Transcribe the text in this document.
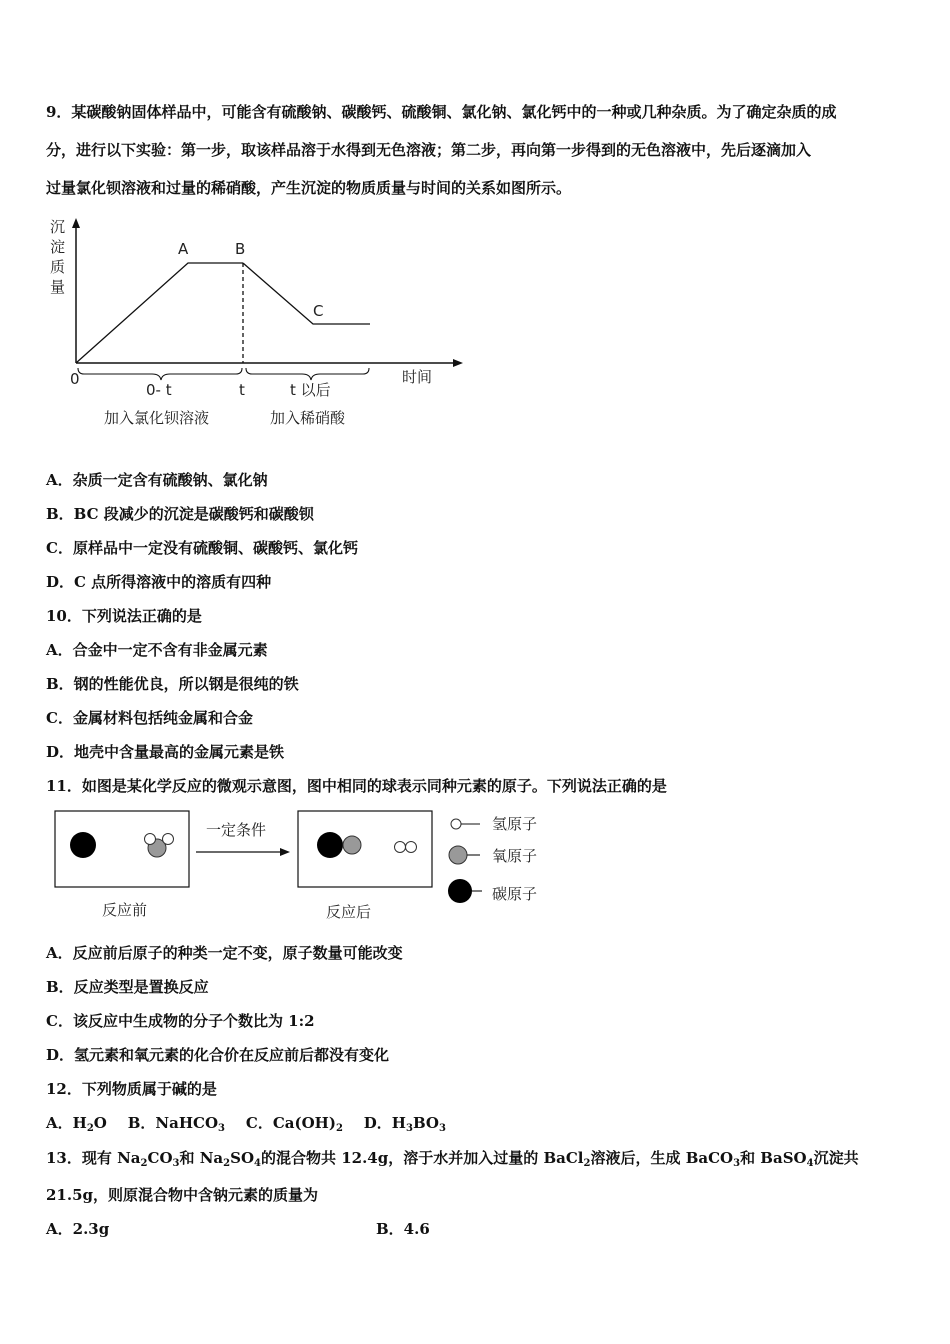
9．某碳酸钠固体样品中，可能含有硫酸钠、碳酸钙、硫酸铜、氯化钠、氯化钙中的一种或几种杂质。为了确定杂质的成
分，进行以下实验：第一步，取该样品溶于水得到无色溶液；第二步，再向第一步得到的无色溶液中，先后逐滴加入
过量氯化钡溶液和过量的稀硝酸，产生沉淀的物质质量与时间的关系如图所示。
沉
淀
质
量
A	B
C
0	时间
0- t	t	t 以后
加入氯化钡溶液	加入稀硝酸
A．杂质一定含有硫酸钠、氯化钠
B．BC 段减少的沉淀是碳酸钙和碳酸钡
C．原样品中一定没有硫酸铜、碳酸钙、氯化钙
D．C 点所得溶液中的溶质有四种
10．下列说法正确的是
A．合金中一定不含有非金属元素
B．钢的性能优良，所以钢是很纯的铁
C．金属材料包括纯金属和合金
D．地壳中含量最高的金属元素是铁
11．如图是某化学反应的微观示意图，图中相同的球表示同种元素的原子。下列说法正确的是
反应前
一定条件
反应后
氢原子
氧原子
碳原子
A．反应前后原子的种类一定不变，原子数量可能改变
B．反应类型是置换反应
C．该反应中生成物的分子个数比为 1:2
D．氢元素和氧元素的化合价在反应前后都没有变化
12．下列物质属于碱的是
A．$H_2O$ B．NaHCO$_3$ C．$Ca(OH)_2$ D．$H_3BO_3$
13．现有 $Na_2CO_3$和 $Na_2SO_4$的混合物共 12.4g，溶于水并加入过量的 BaCl$_2$溶液后，生成 BaCO$_3$和 BaSO$_4$沉淀共
21.5g，则原混合物中含钠元素的质量为
A．2.3g	B．4.6
